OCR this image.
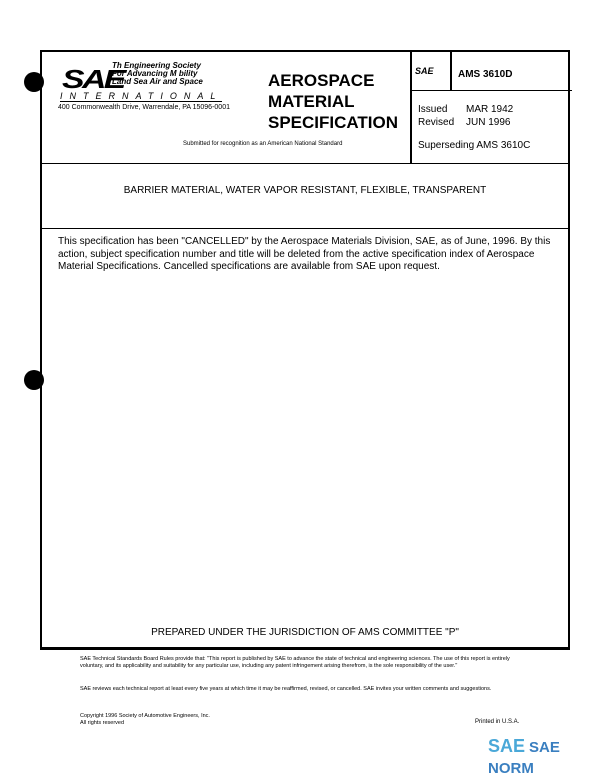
SAE
Th Engineering Society
For Advancing M bility
Land Sea Air and Space
INTERNATIONAL
400 Commonwealth Drive, Warrendale, PA 15096-0001
AEROSPACE
MATERIAL
SPECIFICATION
Submitted for recognition as an American National Standard
SAE AMS 3610D
Issued MAR 1942
Revised JUN 1996
Superseding AMS 3610C
BARRIER MATERIAL, WATER VAPOR RESISTANT, FLEXIBLE, TRANSPARENT
This specification has been "CANCELLED" by the Aerospace Materials Division, SAE, as of June, 1996. By this action, subject specification number and title will be deleted from the active specification index of Aerospace Material Specifications. Cancelled specifications are available from SAE upon request.
PREPARED UNDER THE JURISDICTION OF AMS COMMITTEE "P"
SAE Technical Standards Board Rules provide that: "This report is published by SAE to advance the state of technical and engineering sciences. The use of this report is entirely voluntary, and its applicability and suitability for any particular use, including any patent infringement arising therefrom, is the sole responsibility of the user."
SAE reviews each technical report at least every five years at which time it may be reaffirmed, revised, or cancelled. SAE invites your written comments and suggestions.
Copyright 1996 Society of Automotive Engineers, Inc.
All rights reserved	Printed in U.S.A.
SAE SAE NORM
